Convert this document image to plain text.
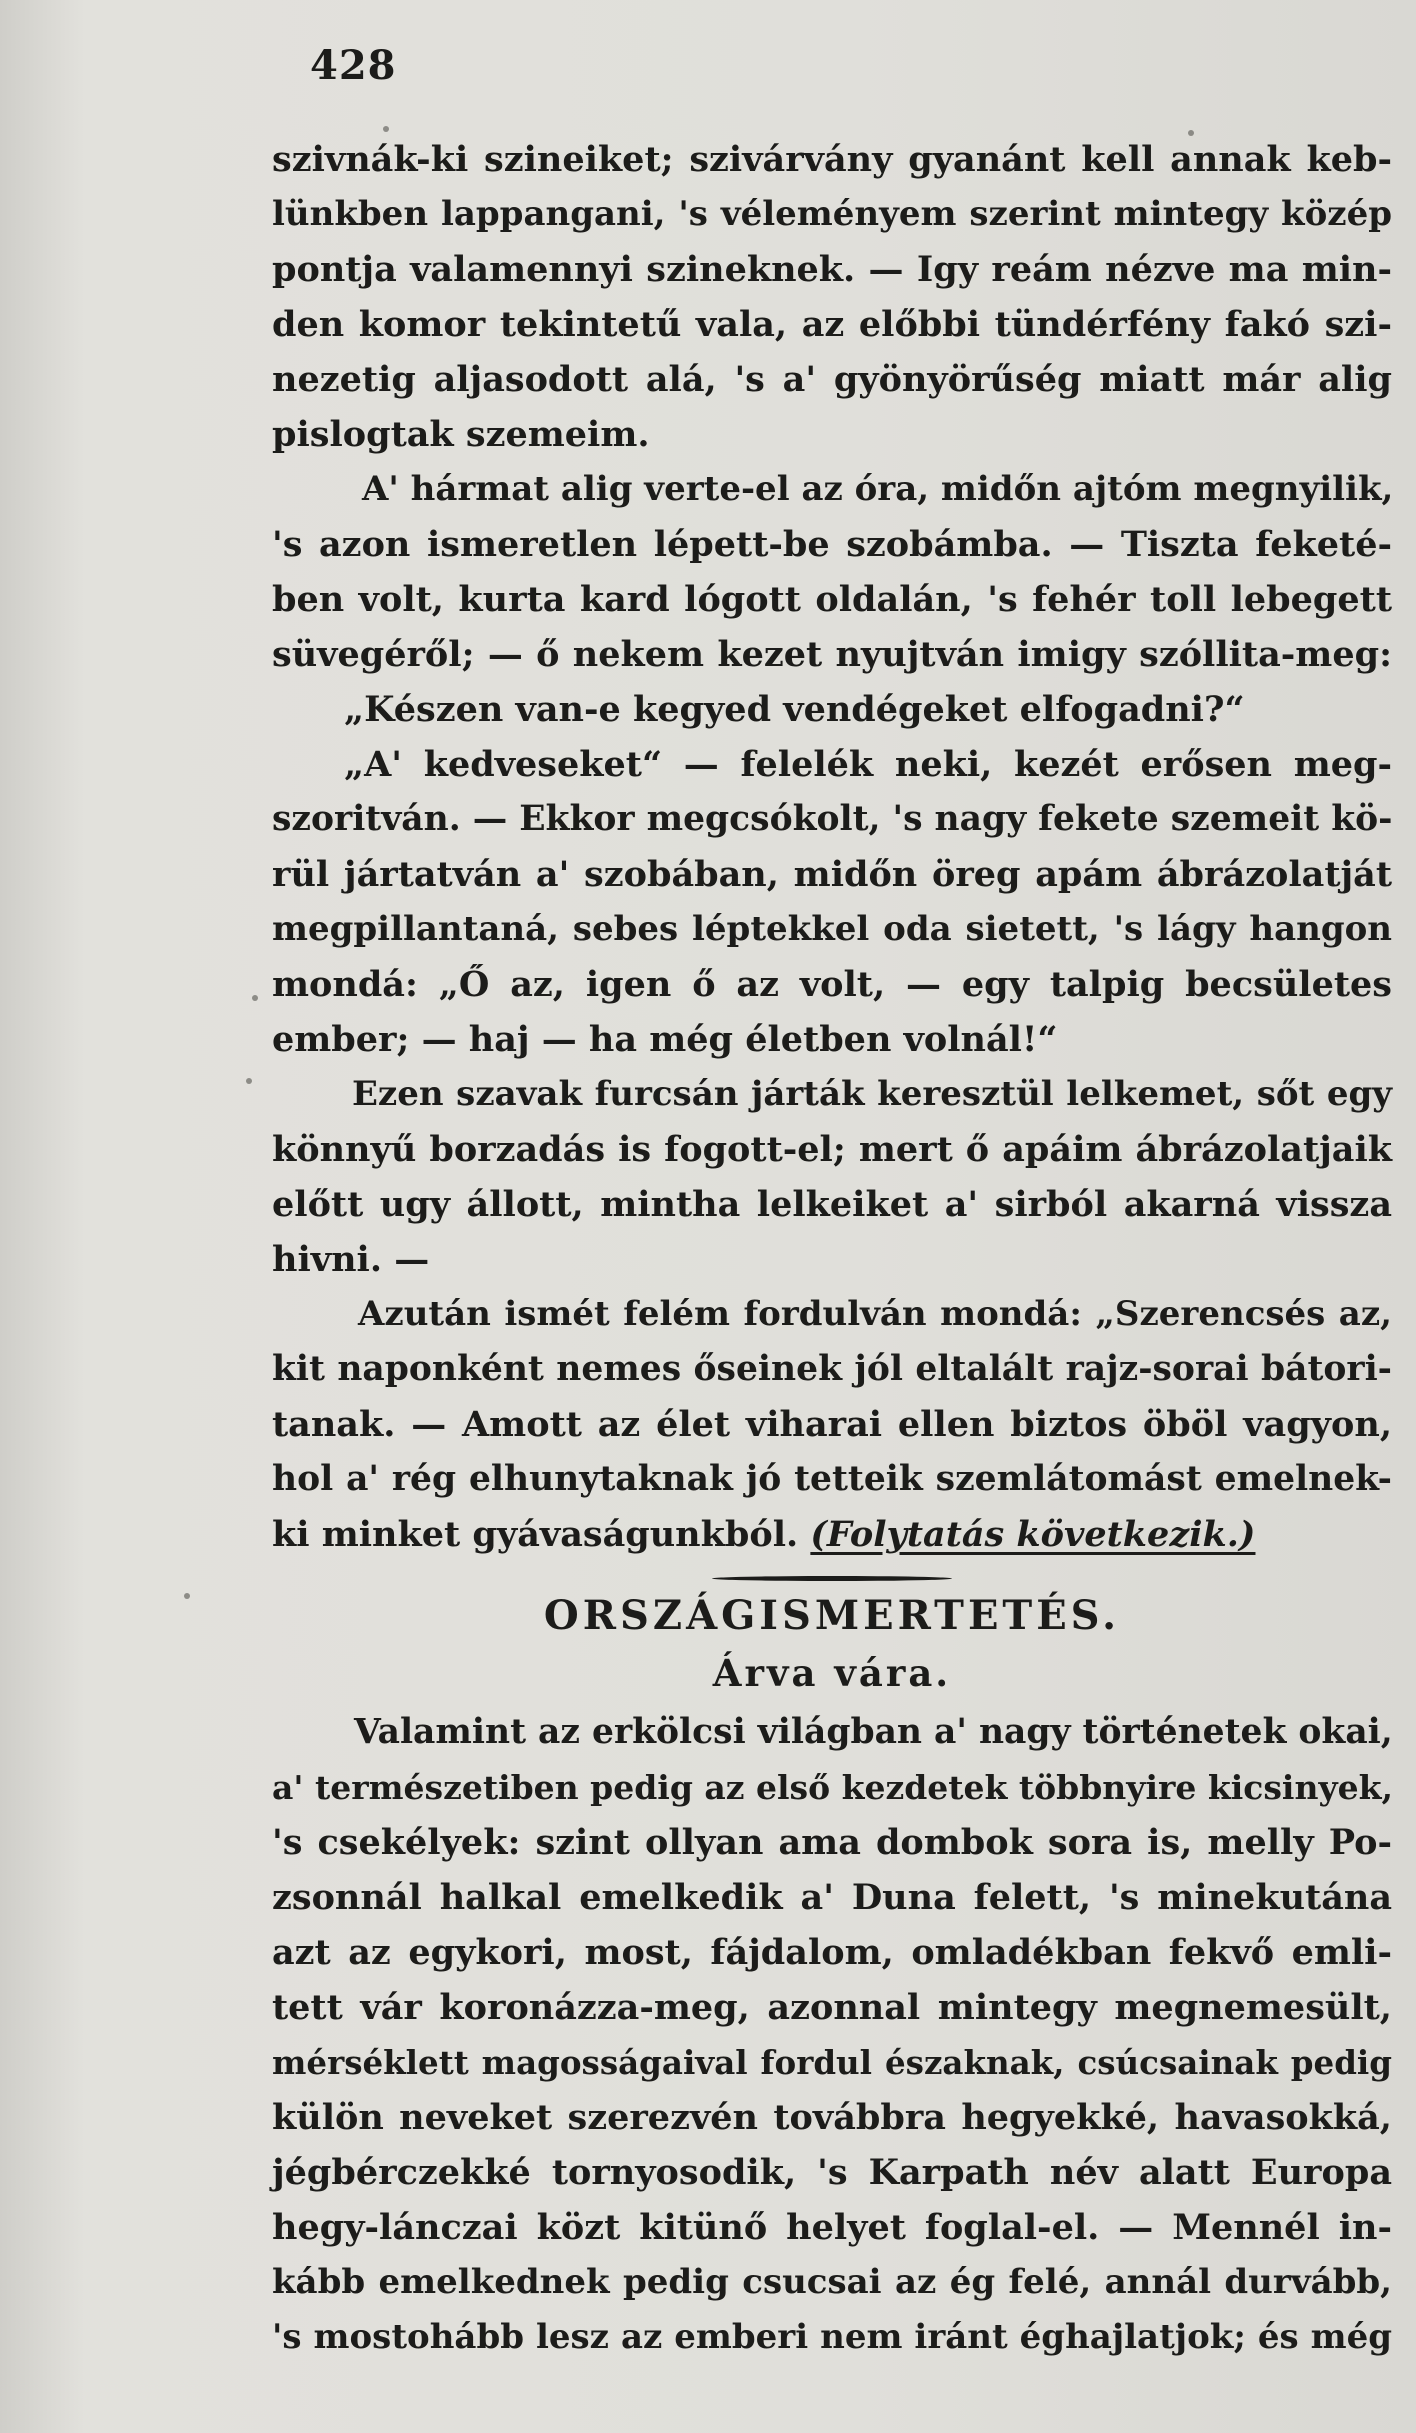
428
szivnák-ki szineiket; szivárvány gyanánt kell annak keb-
lünkben lappangani, 's véleményem szerint mintegy közép
pontja valamennyi szineknek. — Igy reám nézve ma min-
den komor tekintetű vala, az előbbi tündérfény fakó szi-
nezetig aljasodott alá, 's a' gyönyörűség miatt már alig
pislogtak szemeim.
A' hármat alig verte-el az óra, midőn ajtóm megnyilik,
's azon ismeretlen lépett-be szobámba. — Tiszta feketé-
ben volt, kurta kard lógott oldalán, 's fehér toll lebegett
süvegéről; — ő nekem kezet nyujtván imigy szóllita-meg:
„Készen van-e kegyed vendégeket elfogadni?“
„A' kedveseket“ — felelék neki, kezét erősen meg-
szoritván. — Ekkor megcsókolt, 's nagy fekete szemeit kö-
rül jártatván a' szobában, midőn öreg apám ábrázolatját
megpillantaná, sebes léptekkel oda sietett, 's lágy hangon
mondá: „Ő az, igen ő az volt, — egy talpig becsületes
ember; — haj — ha még életben volnál!“
Ezen szavak furcsán járták keresztül lelkemet, sőt egy
könnyű borzadás is fogott-el; mert ő apáim ábrázolatjaik
előtt ugy állott, mintha lelkeiket a' sirból akarná vissza
hivni. —
Azután ismét felém fordulván mondá: „Szerencsés az,
kit naponként nemes őseinek jól eltalált rajz-sorai bátori-
tanak. — Amott az élet viharai ellen biztos öböl vagyon,
hol a' rég elhunytaknak jó tetteik szemlátomást emelnek-
ki minket gyávaságunkból. (Folytatás következik.)
ORSZÁGISMERTETÉS.
Árva vára.
Valamint az erkölcsi világban a' nagy történetek okai,
a' természetiben pedig az első kezdetek többnyire kicsinyek,
's csekélyek: szint ollyan ama dombok sora is, melly Po-
zsonnál halkal emelkedik a' Duna felett, 's minekutána
azt az egykori, most, fájdalom, omladékban fekvő emli-
tett vár koronázza-meg, azonnal mintegy megnemesült,
mérséklett magosságaival fordul északnak, csúcsainak pedig
külön neveket szerezvén továbbra hegyekké, havasokká,
jégbérczekké tornyosodik, 's Karpath név alatt Europa
hegy-lánczai közt kitünő helyet foglal-el. — Mennél in-
kább emelkednek pedig csucsai az ég felé, annál durvább,
's mostohább lesz az emberi nem iránt éghajlatjok; és még
